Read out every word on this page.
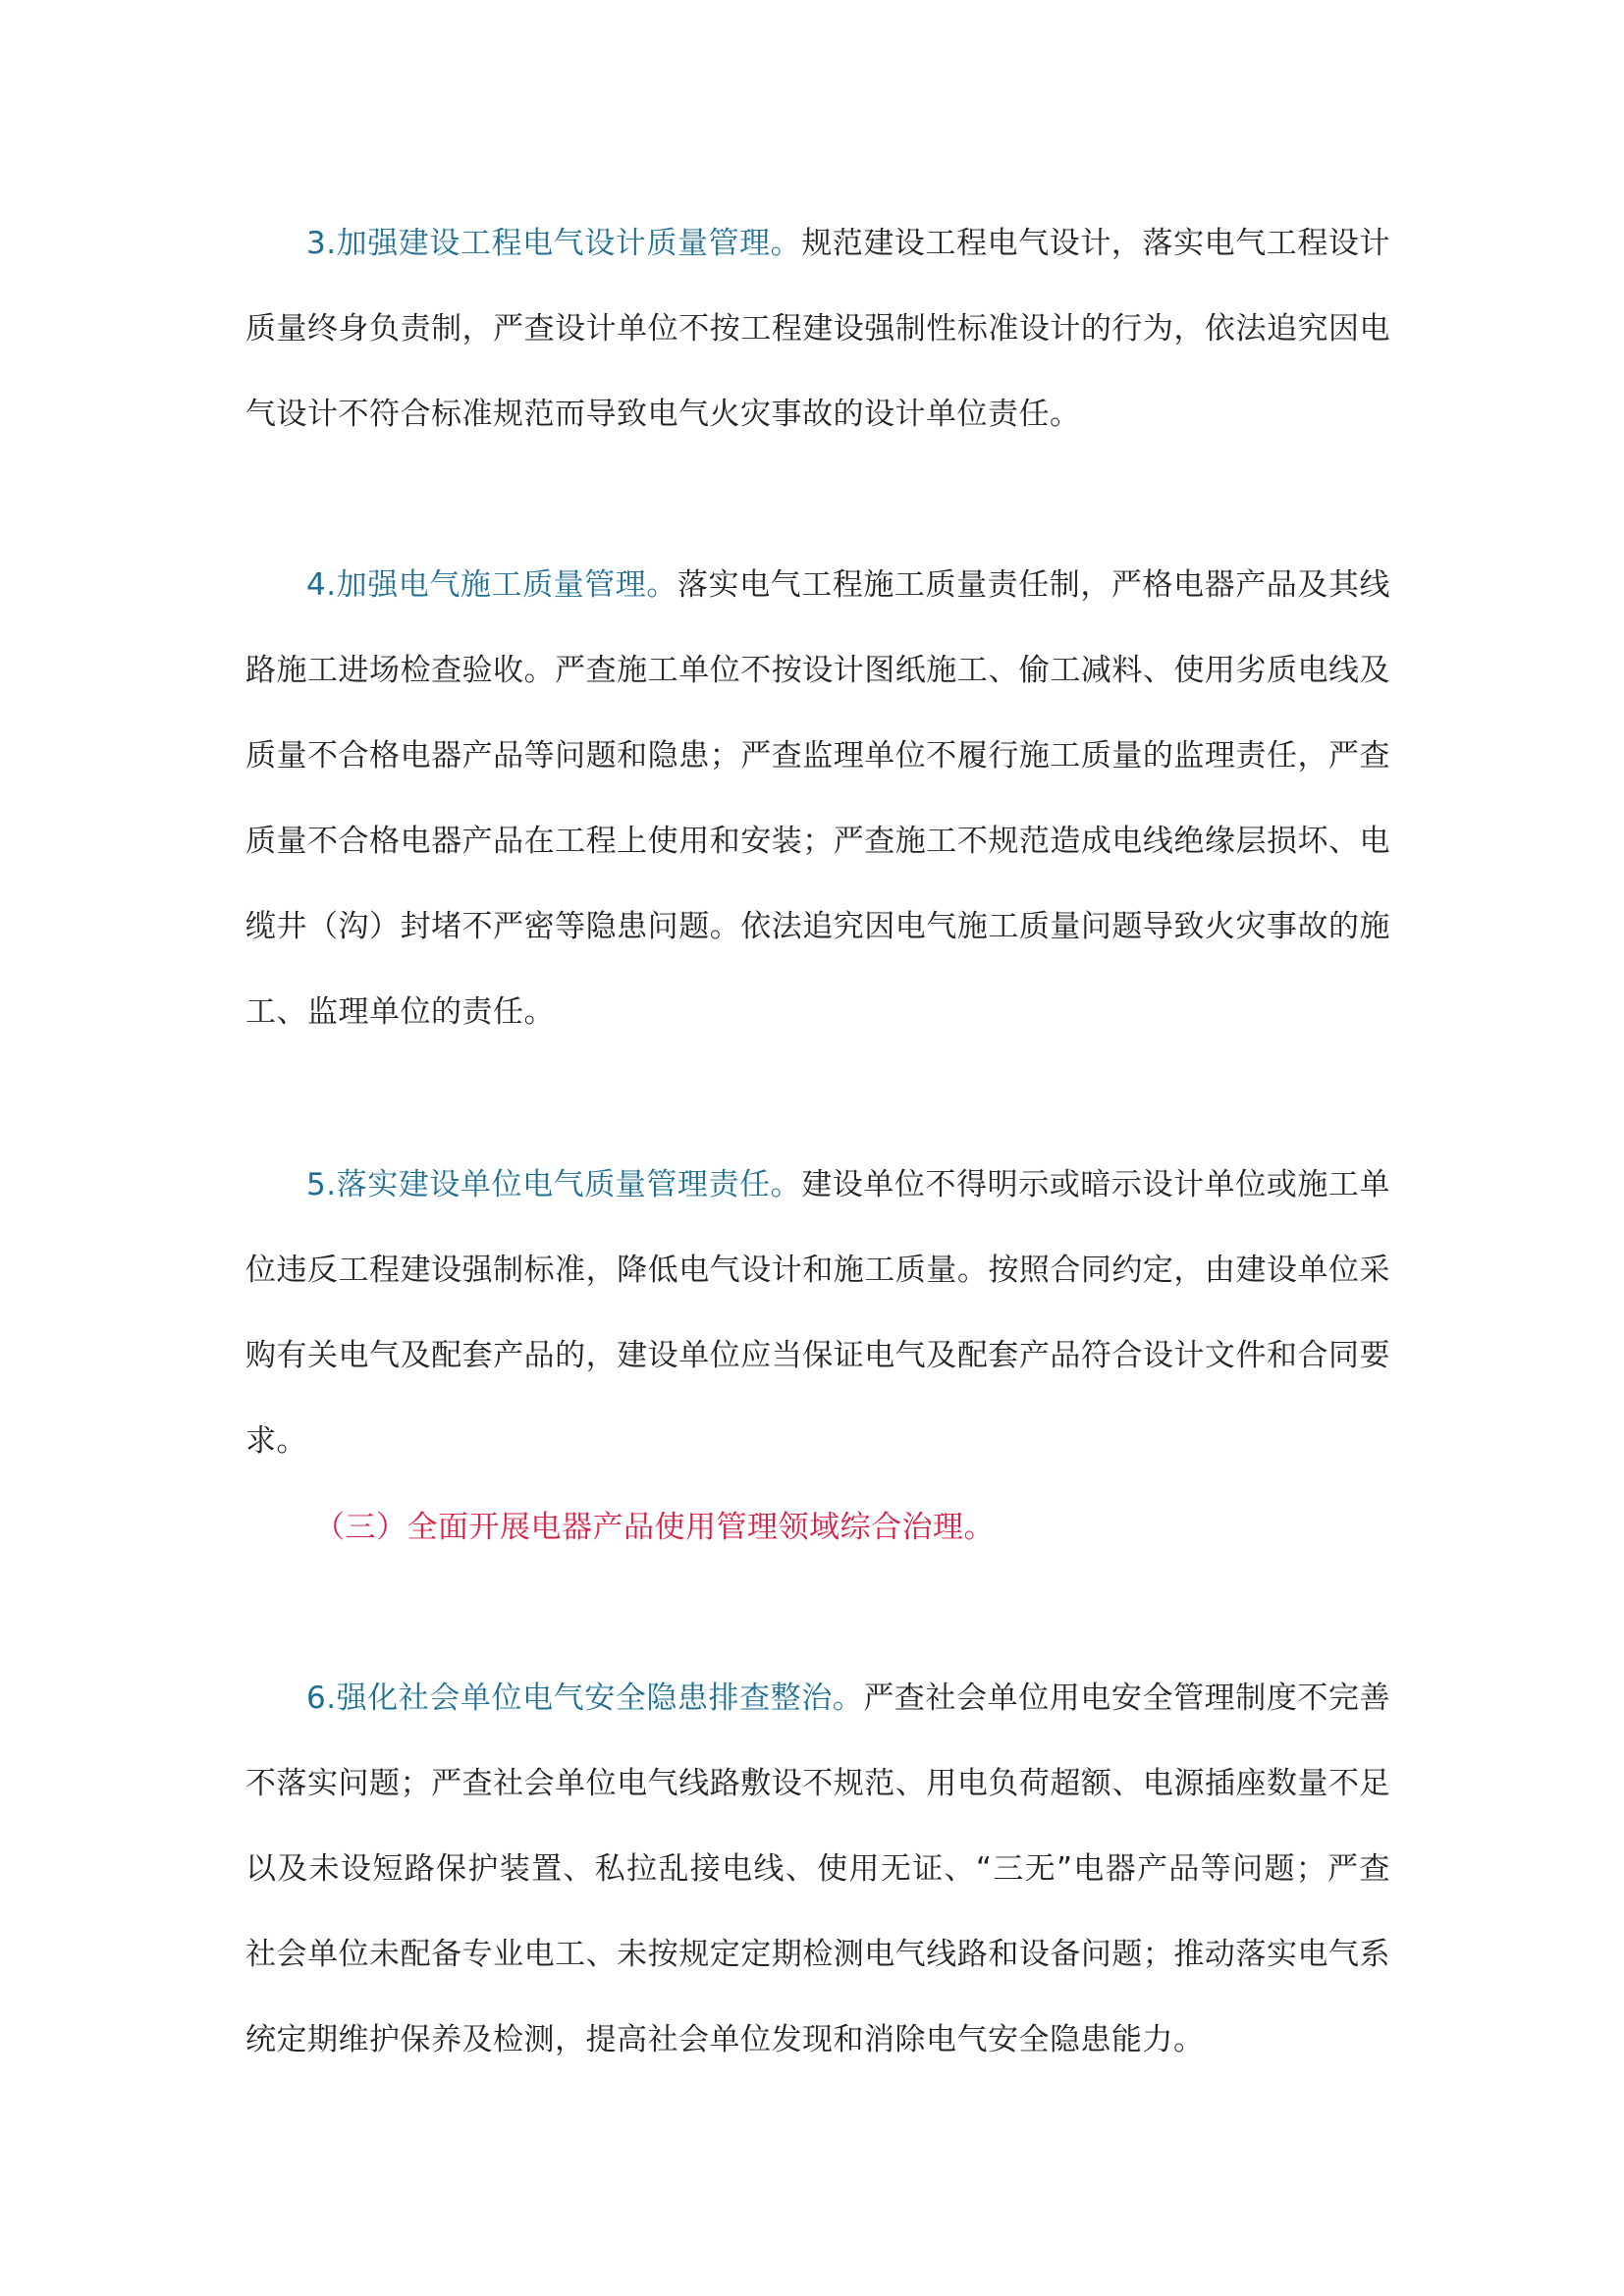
3.加强建设工程电气设计质量管理。规范建设工程电气设计，落实电气工程设计质量终身负责制，严查设计单位不按工程建设强制性标准设计的行为，依法追究因电气设计不符合标准规范而导致电气火灾事故的设计单位责任。

4.加强电气施工质量管理。落实电气工程施工质量责任制，严格电器产品及其线路施工进场检查验收。严查施工单位不按设计图纸施工、偷工减料、使用劣质电线及质量不合格电器产品等问题和隐患；严查监理单位不履行施工质量的监理责任，严查质量不合格电器产品在工程上使用和安装；严查施工不规范造成电线绝缘层损坏、电缆井（沟）封堵不严密等隐患问题。依法追究因电气施工质量问题导致火灾事故的施工、监理单位的责任。

5.落实建设单位电气质量管理责任。建设单位不得明示或暗示设计单位或施工单位违反工程建设强制标准，降低电气设计和施工质量。按照合同约定，由建设单位采购有关电气及配套产品的，建设单位应当保证电气及配套产品符合设计文件和合同要求。

（三）全面开展电器产品使用管理领域综合治理。

6.强化社会单位电气安全隐患排查整治。严查社会单位用电安全管理制度不完善不落实问题；严查社会单位电气线路敷设不规范、用电负荷超额、电源插座数量不足以及未设短路保护装置、私拉乱接电线、使用无证、“三无”电器产品等问题；严查社会单位未配备专业电工、未按规定定期检测电气线路和设备问题；推动落实电气系统定期维护保养及检测，提高社会单位发现和消除电气安全隐患能力。
